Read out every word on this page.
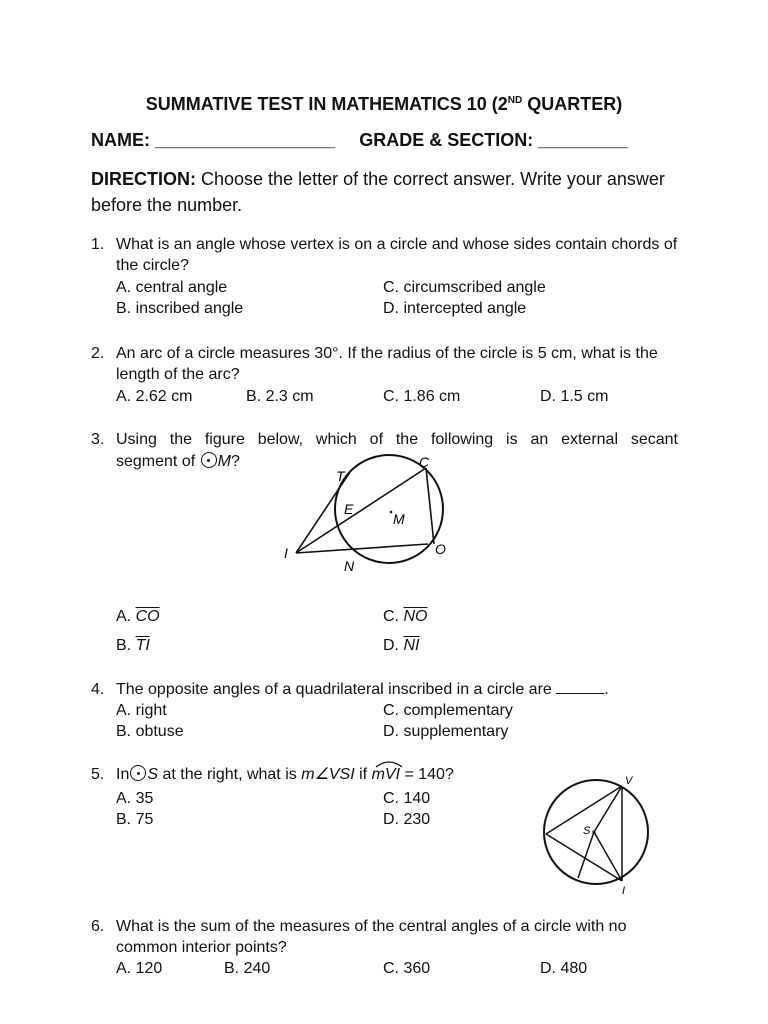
SUMMATIVE TEST IN MATHEMATICS 10 (2ND QUARTER)
NAME: __________________ GRADE & SECTION: _________
DIRECTION: Choose the letter of the correct answer. Write your answer before the number.
1. What is an angle whose vertex is on a circle and whose sides contain chords of the circle?
A. central angle
B. inscribed angle
C. circumscribed angle
D. intercepted angle
2. An arc of a circle measures 30°. If the radius of the circle is 5 cm, what is the length of the arc?
A. 2.62 cm	B. 2.3 cm	C. 1.86 cm	D. 1.5 cm
3. Using the figure below, which of the following is an external secant
segment of M?
T
C
E
M
I	O
N
A. $\overline{CO}$
B. $\overline{TI}$
C. $\overline{NO}$
D. $\overline{NI}$
4. The opposite angles of a quadrilateral inscribed in a circle are	.
A. right
B. obtuse
C. complementary
D. supplementary
5. In S at the right, what is m∠VSI if
mVI = 140?
A. 35
B. 75
C. 140
D. 230
V
S
I
6. What is the sum of the measures of the central angles of a circle with no common interior points?
A. 120	B. 240	C. 360	D. 480
